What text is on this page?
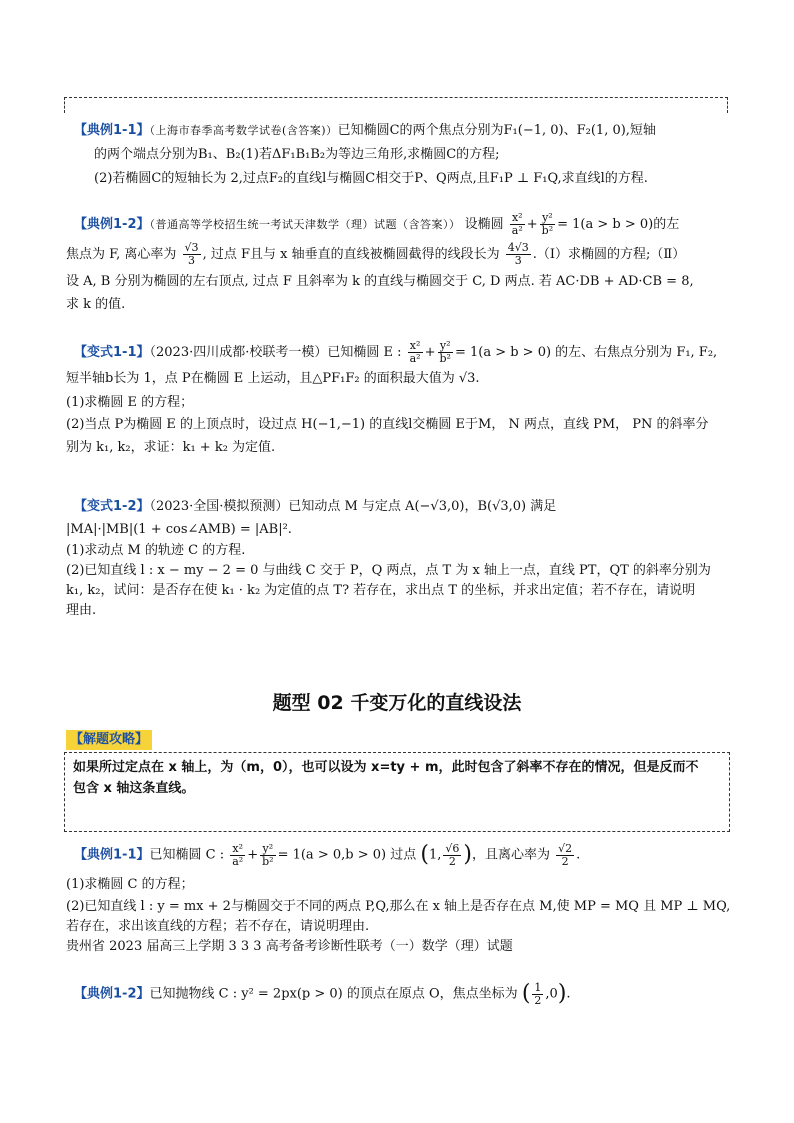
【典例1-1】（上海市春季高考数学试卷(含答案)）已知椭圆C的两个焦点分别为F₁(−1, 0)、F₂(1, 0),短轴
的两个端点分别为B₁、B₂(1)若ΔF₁B₁B₂为等边三角形,求椭圆C的方程;
(2)若椭圆C的短轴长为 2,过点F₂的直线l与椭圆C相交于P、Q两点,且F₁P ⊥ F₁Q,求直线l的方程.
【典例1-2】（普通高等学校招生统一考试天津数学（理）试题（含答案）） 设椭圆 $\frac{\text{x²}}{\text{a²}} + \frac{\text{y²}}{\text{b²}} = 1(a > b > 0)$的左
焦点为 F, 离心率为 $\frac{√3}{3}$ , 过点 F且与 x 轴垂直的直线被椭圆截得的线段长为 $\frac{4√3}{3}$ .（Ⅰ）求椭圆的方程;（Ⅱ）
设 A, B 分别为椭圆的左右顶点, 过点 F 且斜率为 k 的直线与椭圆交于 C, D 两点. 若 AC·DB + AD·CB = 8,
求 k 的值.
【变式1-1】（2023·四川成都·校联考一模）已知椭圆 E : $\frac{\text{x²}}{\text{a²}} + \frac{\text{y²}}{\text{b²}} = 1(a > b > 0)$ 的左、右焦点分别为 F₁, F₂,
短半轴b长为 1，点 P在椭圆 E 上运动，且△PF₁F₂ 的面积最大值为 √3.
(1)求椭圆 E 的方程；
(2)当点 P为椭圆 E 的上顶点时，设过点 H(−1,−1) 的直线l交椭圆 E于M， N 两点，直线 PM， PN 的斜率分
别为 k₁, k₂，求证：k₁ + k₂ 为定值.
【变式1-2】（2023·全国·模拟预测）已知动点 M 与定点 A(−√3,0)，B(√3,0) 满足
|MA|·|MB|(1 + cos∠AMB) = |AB|².
(1)求动点 M 的轨迹 C 的方程.
(2)已知直线 l : x − my − 2 = 0 与曲线 C 交于 P，Q 两点，点 T 为 x 轴上一点，直线 PT，QT 的斜率分别为
k₁, k₂，试问：是否存在使 k₁ · k₂ 为定值的点 T? 若存在，求出点 T 的坐标，并求出定值；若不存在，请说明
理由.
题型 02 千变万化的直线设法
【解题攻略】
如果所过定点在 x 轴上，为（m，0），也可以设为 x=ty + m，此时包含了斜率不存在的情况，但是反而不
包含 x 轴这条直线。
【典例1-1】已知椭圆 C : $\frac{\text{x²}}{\text{a²}} + \frac{\text{y²}}{\text{b²}} = 1(a > 0,b > 0)$ 过点 (1, $\frac{√6}{2}$ )，且离心率为 $\frac{√2}{2}$ .
(1)求椭圆 C 的方程；
(2)已知直线 l : y = mx + 2与椭圆交于不同的两点 P,Q,那么在 x 轴上是否存在点 M,使 MP = MQ 且 MP ⊥ MQ,
若存在，求出该直线的方程；若不存在，请说明理由.
贵州省 2023 届高三上学期 3 3 3 高考备考诊断性联考（一）数学（理）试题
【典例1-2】已知抛物线 C : y² = 2px(p > 0) 的顶点在原点 O，焦点坐标为 ( $\frac{1}{2} ,0$).
